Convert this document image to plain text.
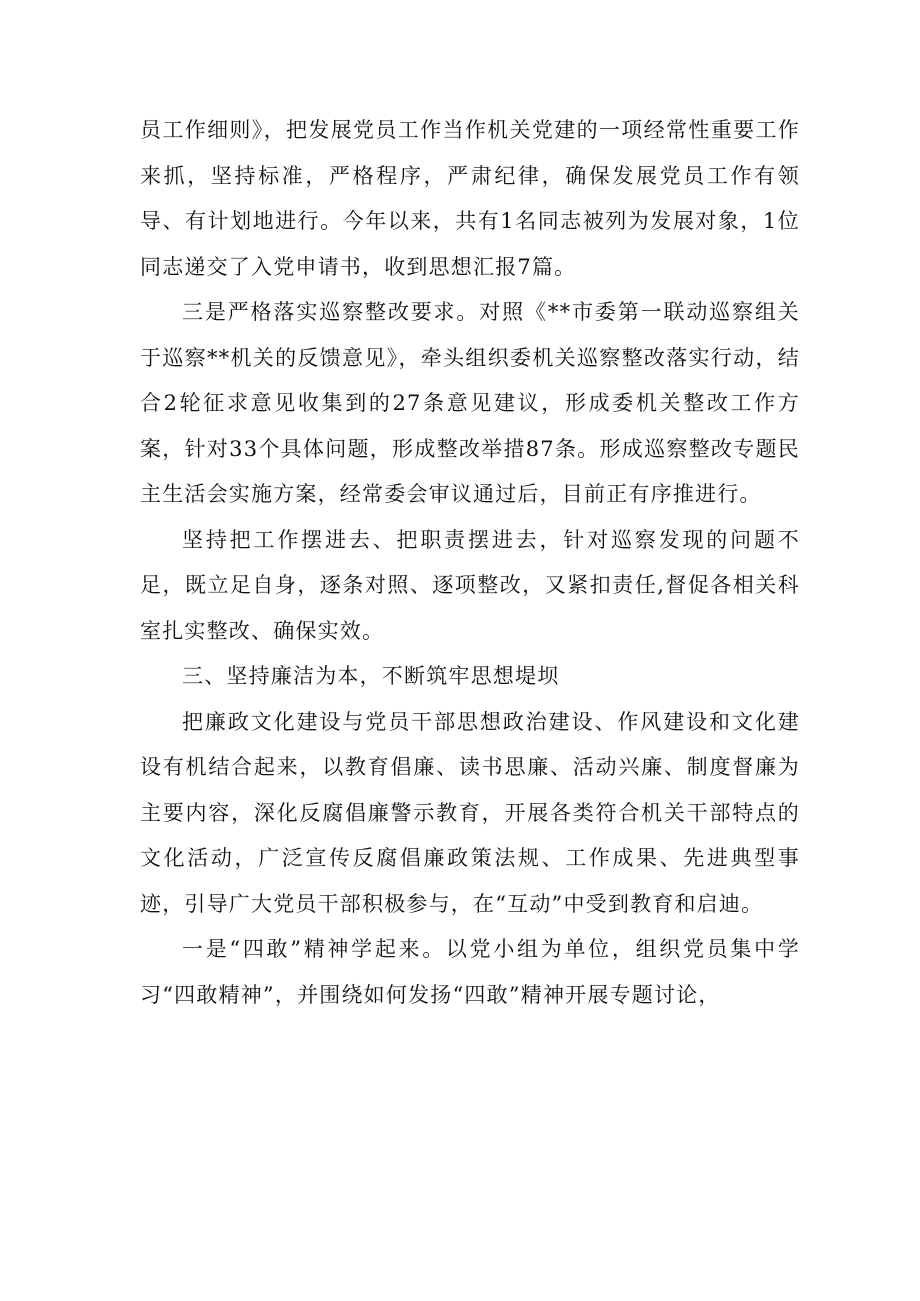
员工作细则》，把发展党员工作当作机关党建的一项经常性重要工作来抓，坚持标准，严格程序，严肃纪律，确保发展党员工作有领导、有计划地进行。今年以来，共有1名同志被列为发展对象，1位同志递交了入党申请书，收到思想汇报7篇。

三是严格落实巡察整改要求。对照《**市委第一联动巡察组关于巡察**机关的反馈意见》，牵头组织委机关巡察整改落实行动，结合2轮征求意见收集到的27条意见建议，形成委机关整改工作方案，针对33个具体问题，形成整改举措87条。形成巡察整改专题民主生活会实施方案，经常委会审议通过后，目前正有序推进行。

坚持把工作摆进去、把职责摆进去，针对巡察发现的问题不足，既立足自身，逐条对照、逐项整改，又紧扣责任,督促各相关科室扎实整改、确保实效。

三、坚持廉洁为本，不断筑牢思想堤坝

把廉政文化建设与党员干部思想政治建设、作风建设和文化建设有机结合起来，以教育倡廉、读书思廉、活动兴廉、制度督廉为主要内容，深化反腐倡廉警示教育，开展各类符合机关干部特点的文化活动，广泛宣传反腐倡廉政策法规、工作成果、先进典型事迹，引导广大党员干部积极参与，在“互动”中受到教育和启迪。

一是“四敢”精神学起来。以党小组为单位，组织党员集中学习“四敢精神”，并围绕如何发扬“四敢”精神开展专题讨论，
